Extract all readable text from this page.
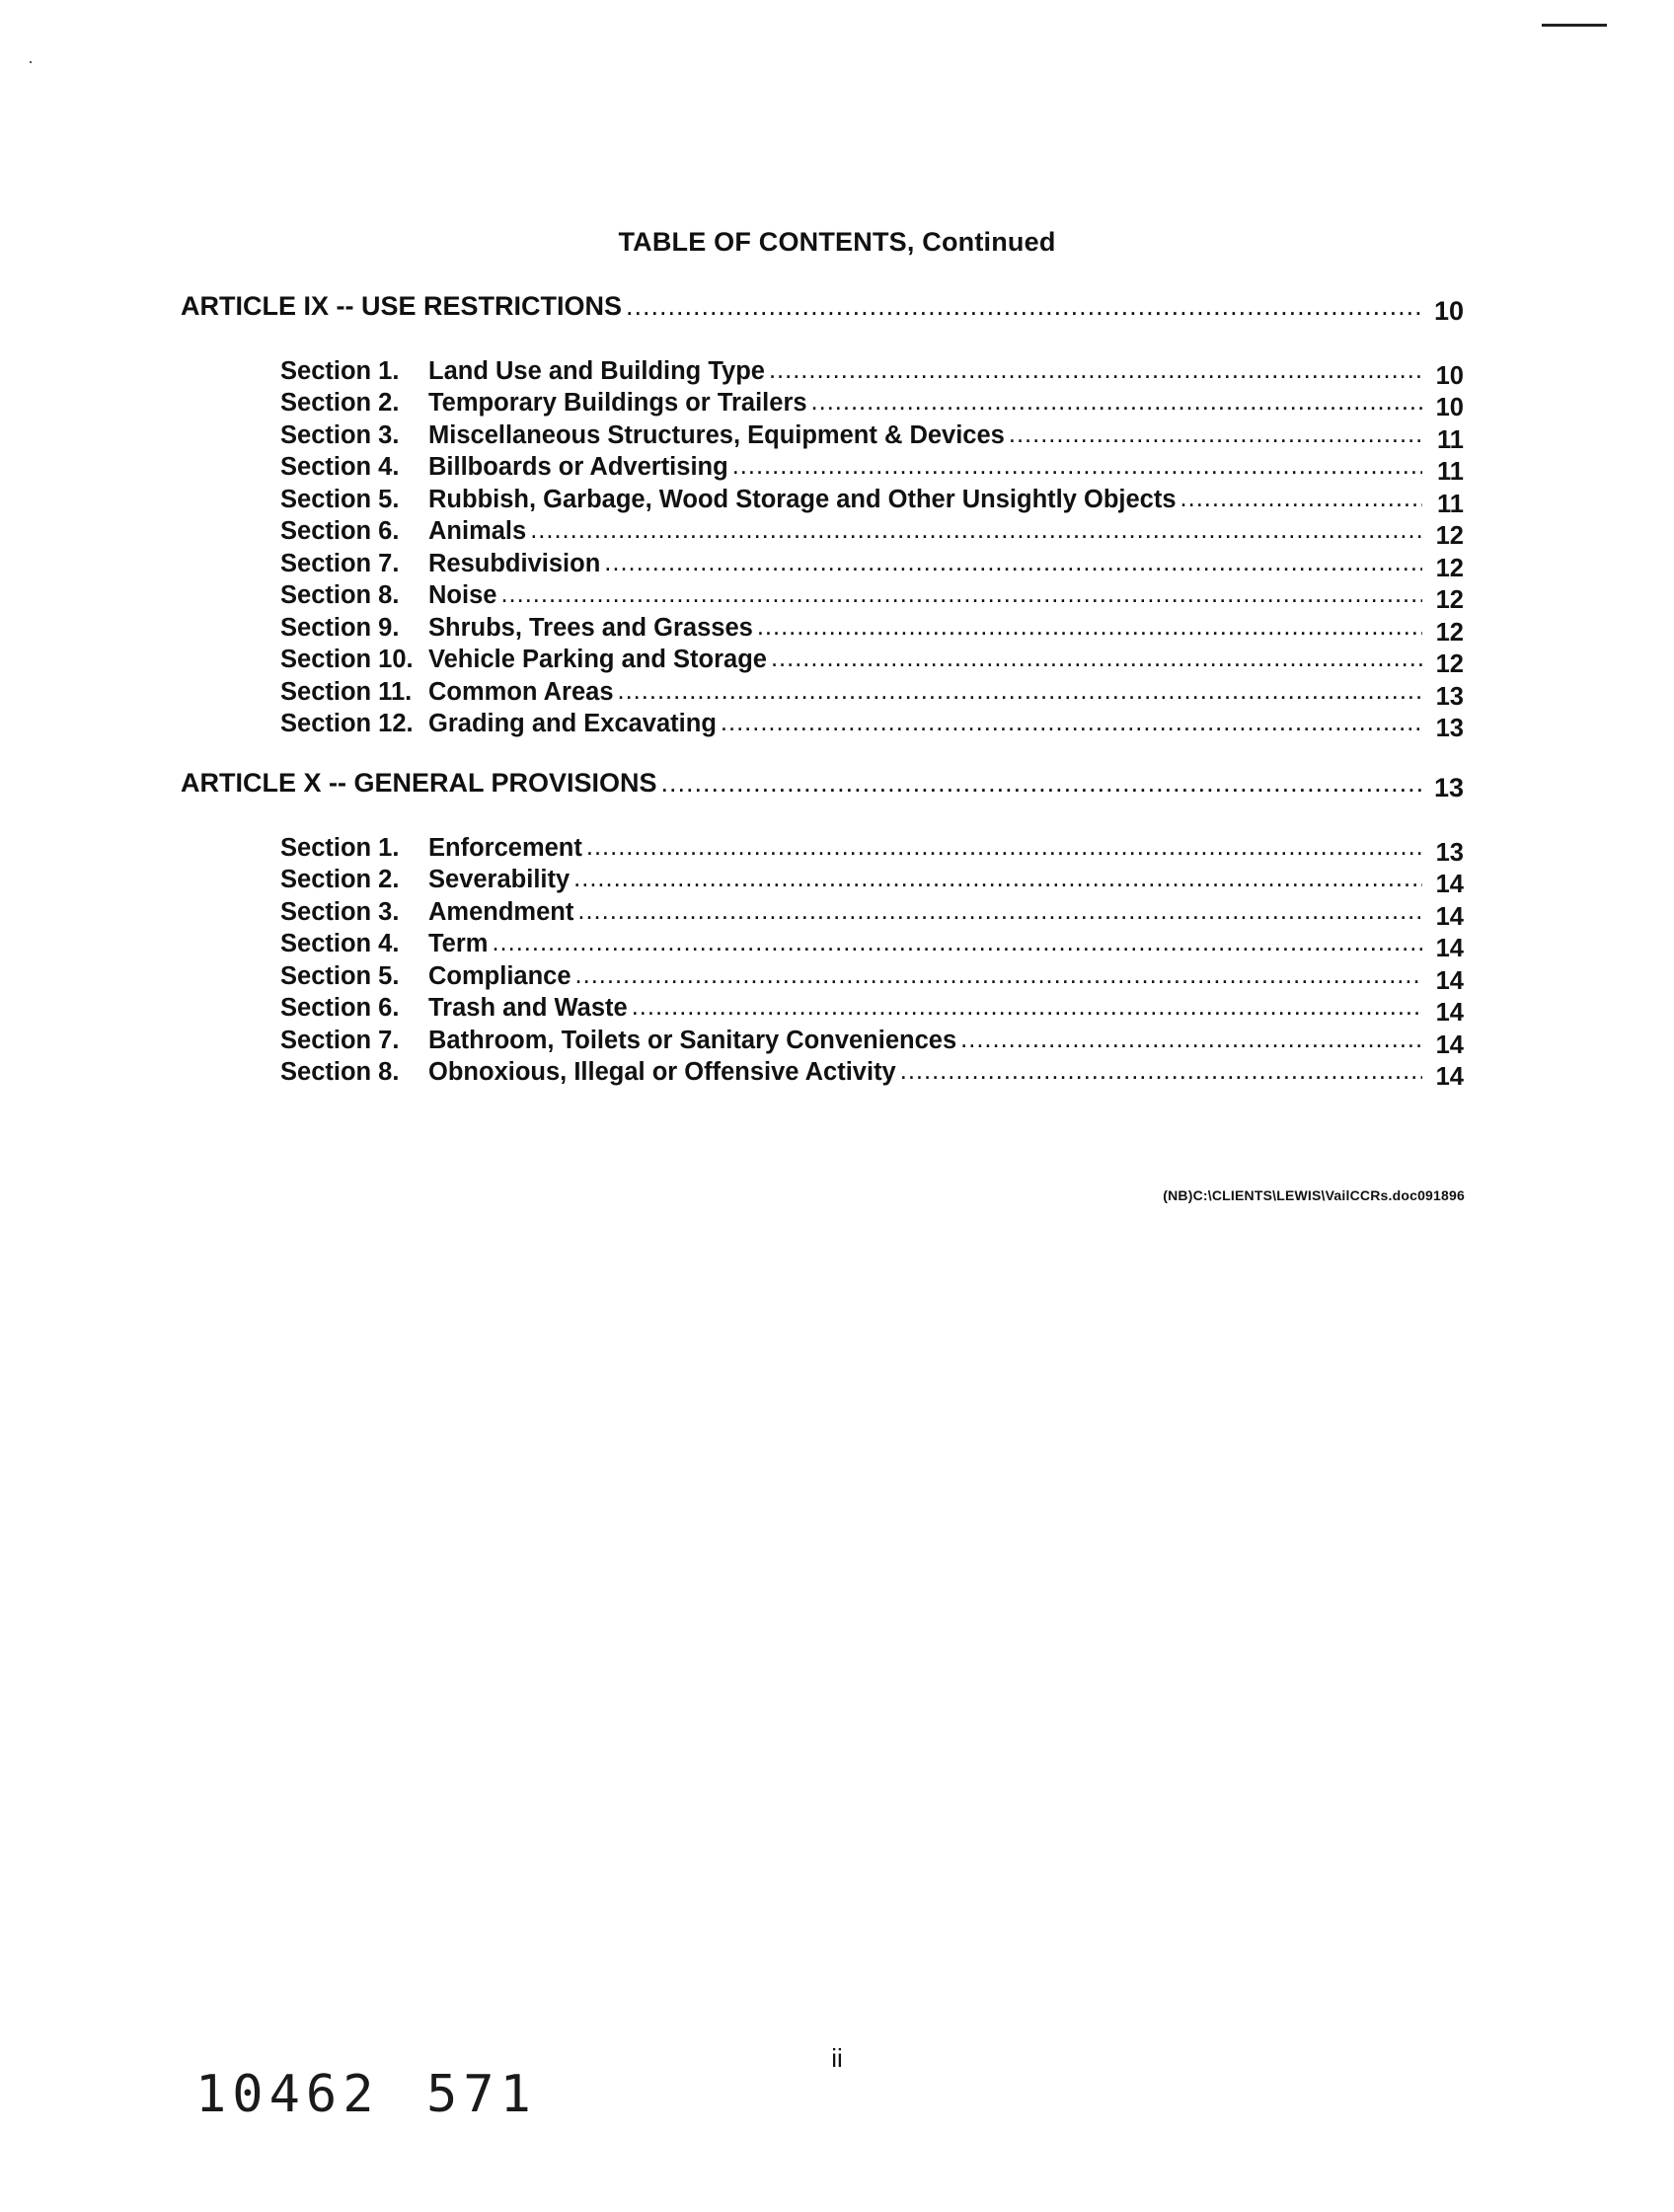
TABLE OF CONTENTS, Continued
ARTICLE IX -- USE RESTRICTIONS .....	10
Section 1.	Land Use and Building Type .....	10
Section 2.	Temporary Buildings or Trailers .....	10
Section 3.	Miscellaneous Structures, Equipment & Devices .....	11
Section 4.	Billboards or Advertising .....	11
Section 5.	Rubbish, Garbage, Wood Storage and Other Unsightly Objects .....	11
Section 6.	Animals .....	12
Section 7.	Resubdivision .....	12
Section 8.	Noise .....	12
Section 9.	Shrubs, Trees and Grasses .....	12
Section 10. Vehicle Parking and Storage .....	12
Section 11. Common Areas .....	13
Section 12. Grading and Excavating .....	13
ARTICLE X -- GENERAL PROVISIONS .....	13
Section 1.	Enforcement .....	13
Section 2.	Severability .....	14
Section 3.	Amendment .....	14
Section 4.	Term .....	14
Section 5.	Compliance .....	14
Section 6.	Trash and Waste .....	14
Section 7.	Bathroom, Toilets or Sanitary Conveniences .....	14
Section 8.	Obnoxious, Illegal or Offensive Activity .....	14
(NB)C:\CLIENTS\LEWIS\VailCCRs.doc091896
ii
10462 571
